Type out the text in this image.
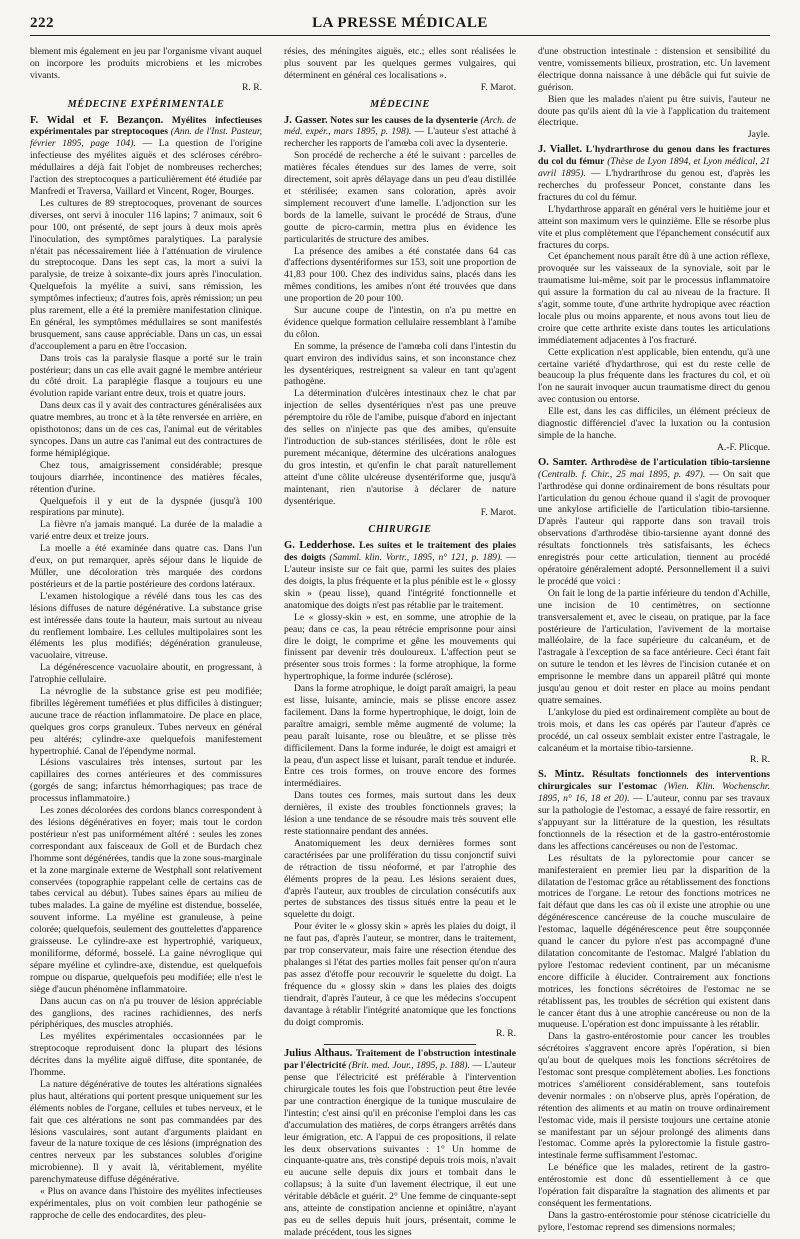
222	LA PRESSE MÉDICALE

blement mis également en jeu par l'organisme vivant auquel on incorpore les produits microbiens et les microbes vivants.

R. R.

MÉDECINE EXPÉRIMENTALE

F. Widal et F. Bezançon. Myélites infectieuses expérimentales par streptocoques (Ann. de l'Inst. Pasteur, février 1895, page 104). — La question de l'origine infectieuse des myélites aiguës et des scléroses cérébro-médullaires a déjà fait l'objet de nombreuses recherches; l'action des streptocoques a particulièrement été étudiée par Manfredi et Traversa, Vaillard et Vincent, Roger, Bourges.

Les cultures de 89 streptocoques, provenant de sources diverses, ont servi à inoculer 116 lapins; 7 animaux, soit 6 pour 100, ont présenté, de sept jours à deux mois après l'inoculation, des symptômes paralytiques. La paralysie n'était pas nécessairement liée à l'atténuation de virulence du streptocoque. Dans les sept cas, la mort a suivi la paralysie, de treize à soixante-dix jours après l'inoculation. Quelquefois la myélite a suivi, sans rémission, les symptômes infectieux; d'autres fois, après rémission; un peu plus rarement, elle a été la première manifestation clinique. En général, les symptômes médullaires se sont manifestés brusquement, sans cause appréciable. Dans un cas, un essai d'accouplement a paru en être l'occasion.

Dans trois cas la paralysie flasque a porté sur le train postérieur; dans un cas elle avait gagné le membre antérieur du côté droit. La paraplégie flasque a toujours eu une évolution rapide variant entre deux, trois et quatre jours.

Dans deux cas il y avait des contractures généralisées aux quatre membres, au tronc et à la tête renversée en arrière, en opisthotonos; dans un de ces cas, l'animal eut de véritables syncopes. Dans un autre cas l'animal eut des contractures de forme hémiplégique.

Chez tous, amaigrissement considérable; presque toujours diarrhée, incontinence des matières fécales, rétention d'urine.

Quelquefois il y eut de la dyspnée (jusqu'à 100 respirations par minute).

La fièvre n'a jamais manqué. La durée de la maladie a varié entre deux et treize jours.

La moelle a été examinée dans quatre cas. Dans l'un d'eux, on put remarquer, après séjour dans le liquide de Müller, une décoloration très marquée des cordons postérieurs et de la partie postérieure des cordons latéraux.

L'examen histologique a révélé dans tous les cas des lésions diffuses de nature dégénérative. La substance grise est intéressée dans toute la hauteur, mais surtout au niveau du renflement lombaire. Les cellules multipolaires sont les éléments les plus modifiés; dégénération granuleuse, vacuolaire, vitreuse.

La dégénérescence vacuolaire aboutit, en progressant, à l'atrophie cellulaire.

La névroglie de la substance grise est peu modifiée; fibrilles légèrement tuméfiées et plus difficiles à distinguer; aucune trace de réaction inflammatoire. De place en place, quelques gros corps granuleux. Tubes nerveux en général peu altérés; cylindre-axe quelquefois manifestement hypertrophié. Canal de l'épendyme normal.

Lésions vasculaires très intenses, surtout par les capillaires des cornes antérieures et des commissures (gorgés de sang; infarctus hémorrhagiques; pas trace de processus inflammatoire.)

Les zones décolorées des cordons blancs correspondent à des lésions dégénératives en foyer; mais tout le cordon postérieur n'est pas uniformément altéré : seules les zones correspondant aux faisceaux de Goll et de Burdach chez l'homme sont dégénérées, tandis que la zone sous-marginale et la zone marginale externe de Westphall sont relativement conservées (topographie rappelant celle de certains cas de tabes cervical au début). Tubes saines épars au milieu de tubes malades. La gaine de myéline est distendue, bosselée, souvent informe. La myéline est granuleuse, à peine colorée; quelquefois, seulement des gouttelettes d'apparence graisseuse. Le cylindre-axe est hypertrophié, variqueux, moniliforme, déformé, bosselé. La gaine névroglique qui sépare myéline et cylindre-axe, distendue, est quelquefois rompue ou disparue, quelquefois peu modifiée; elle n'est le siège d'aucun phénomène inflammatoire.

Dans aucun cas on n'a pu trouver de lésion appréciable des ganglions, des racines rachidiennes, des nerfs périphériques, des muscles atrophiés.

Les myélites expérimentales occasionnées par le streptocoque reproduisent donc la plupart des lésions décrites dans la myélite aiguë diffuse, dite spontanée, de l'homme.

La nature dégénérative de toutes les altérations signalées plus haut, altérations qui portent presque uniquement sur les éléments nobles de l'organe, cellules et tubes nerveux, et le fait que ces altérations ne sont pas commandées par des lésions vasculaires, sont autant d'arguments plaidant en faveur de la nature toxique de ces lésions (imprégnation des centres nerveux par les substances solubles d'origine microbienne). Il y avait là, véritablement, myélite parenchymateuse diffuse dégénérative.

« Plus on avance dans l'histoire des myélites infectieuses expérimentales, plus on voit combien leur pathogénie se rapproche de celle des endocardites, des pleu-

résies, des méningites aiguës, etc.; elles sont réalisées le plus souvent par les quelques germes vulgaires, qui déterminent en général ces localisations ».

F. Marot.

MÉDECINE

J. Gasser. Notes sur les causes de la dysenterie (Arch. de méd. expér., mars 1895, p. 198). — L'auteur s'est attaché à rechercher les rapports de l'amœba coli avec la dysenterie.

Son procédé de recherche a été le suivant : parcelles de matières fécales étendues sur des lames de verre, soit directement, soit après délayage dans un peu d'eau distillée et stérilisée; examen sans coloration, après avoir simplement recouvert d'une lamelle. L'adjonction sur les bords de la lamelle, suivant le procédé de Straus, d'une goutte de picro-carmin, mettra plus en évidence les particularités de structure des amibes.

La présence des amibes a été constatée dans 64 cas d'affections dysentériformes sur 153, soit une proportion de 41,83 pour 100. Chez des individus sains, placés dans les mêmes conditions, les amibes n'ont été trouvées que dans une proportion de 20 pour 100.

Sur aucune coupe de l'intestin, on n'a pu mettre en évidence quelque formation cellulaire ressemblant à l'amibe du côlon.

En somme, la présence de l'amœba coli dans l'intestin du quart environ des individus sains, et son inconstance chez les dysentériques, restreignent sa valeur en tant qu'agent pathogène.

La détermination d'ulcères intestinaux chez le chat par injection de selles dysentériques n'est pas une preuve péremptoire du rôle de l'amibe, puisque d'abord en injectant des selles on n'injecte pas que des amibes, qu'ensuite l'introduction de sub-stances stérilisées, dont le rôle est purement mécanique, détermine des ulcérations analogues du gros intestin, et qu'enfin le chat paraît naturellement atteint d'une côlite ulcéreuse dysentériforme que, jusqu'à maintenant, rien n'autorise à déclarer de nature dysentérique.

F. Marot.

CHIRURGIE

G. Ledderhose. Les suites et le traitement des plaies des doigts (Samml. klin. Vortr., 1895, n° 121, p. 189). — L'auteur insiste sur ce fait que, parmi les suites des plaies des doigts, la plus fréquente et la plus pénible est le « glossy skin » (peau lisse), quand l'intégrité fonctionnelle et anatomique des doigts n'est pas rétablie par le traitement.

Le « glossy-skin » est, en somme, une atrophie de la peau; dans ce cas, la peau rétrécie emprisonne pour ainsi dire le doigt, le comprime et gêne les mouvements qui finissent par devenir très douloureux. L'affection peut se présenter sous trois formes : la forme atrophique, la forme hypertrophique, la forme indurée (sclérose).

Dans la forme atrophique, le doigt paraît amaigri, la peau est lisse, luisante, amincie, mais se plisse encore assez facilement. Dans la forme hypertrophique, le doigt, loin de paraître amaigri, semble même augmenté de volume; la peau paraît luisante, rose ou bleuâtre, et se plisse très difficilement. Dans la forme indurée, le doigt est amaigri et la peau, d'un aspect lisse et luisant, paraît tendue et indurée. Entre ces trois formes, on trouve encore des formes intermédiaires.

Dans toutes ces formes, mais surtout dans les deux dernières, il existe des troubles fonctionnels graves; la lésion a une tendance de se résoudre mais très souvent elle reste stationnaire pendant des années.

Anatomiquement les deux dernières formes sont caractérisées par une prolifération du tissu conjonctif suivi de rétraction de tissu néoformé, et par l'atrophie des éléments propres de la peau. Les lésions seraient dues, d'après l'auteur, aux troubles de circulation consécutifs aux pertes de substances des tissus situés entre la peau et le squelette du doigt.

Pour éviter le « glossy skin » après les plaies du doigt, il ne faut pas, d'après l'auteur, se montrer, dans le traitement, par trop conservateur, mais faire une résection étendue des phalanges si l'état des parties molles fait penser qu'on n'aura pas assez d'étoffe pour recouvrir le squelette du doigt. La fréquence du « glossy skin » dans les plaies des doigts tiendrait, d'après l'auteur, à ce que les médecins s'occupent davantage à rétablir l'intégrité anatomique que les fonctions du doigt compromis.

R. R.

Julius Althaus. Traitement de l'obstruction intestinale par l'électricité (Brit. med. Jour., 1895, p. 188). — L'auteur pense que l'électricité est préférable à l'intervention chirurgicale toutes les fois que l'obstruction peut être levée par une contraction énergique de la tunique musculaire de l'intestin; c'est ainsi qu'il en préconise l'emploi dans les cas d'accumulation des matières, de corps étrangers arrêtés dans leur émigration, etc. A l'appui de ces propositions, il relate les deux observations suivantes : 1° Un homme de cinquante-quatre ans, très constipé depuis trois mois, n'avait eu aucune selle depuis dix jours et tombait dans le collapsus; à la suite d'un lavement électrique, il eut une véritable débâcle et guérit. 2° Une femme de cinquante-sept ans, atteinte de constipation ancienne et opiniâtre, n'ayant pas eu de selles depuis huit jours, présentait, comme le malade précédent, tous les signes

d'une obstruction intestinale : distension et sensibilité du ventre, vomissements bilieux, prostration, etc. Un lavement électrique donna naissance à une débâcle qui fut suivie de guérison.

Bien que les malades n'aient pu être suivis, l'auteur ne doute pas qu'ils aient dû la vie à l'application du traitement électrique.

Jayle.

J. Viallet. L'hydrarthrose du genou dans les fractures du col du fémur (Thèse de Lyon 1894, et Lyon médical, 21 avril 1895). — L'hydrarthrose du genou est, d'après les recherches du professeur Poncet, constante dans les fractures du col du fémur.

L'hydarthrose apparaît en général vers le huitième jour et atteint son maximum vers le quinzième. Elle se résorbe plus vite et plus complètement que l'épanchement consécutif aux fractures du corps.

Cet épanchement nous paraît être dû à une action réflexe, provoquée sur les vaisseaux de la synoviale, soit par le traumatisme lui-même, soit par le processus inflammatoire qui assure la formation du cal au niveau de la fracture. Il s'agit, somme toute, d'une arthrite hydropique avec réaction locale plus ou moins apparente, et nous avons tout lieu de croire que cette arthrite existe dans toutes les articulations immédiatement adjacentes à l'os fracturé.

Cette explication n'est applicable, bien entendu, qu'à une certaine variété d'hydarthrose, qui est du reste celle de beaucoup la plus fréquente dans les fractures du col, et où l'on ne saurait invoquer aucun traumatisme direct du genou avec contusion ou entorse.

Elle est, dans les cas difficiles, un élément précieux de diagnostic différenciel d'avec la luxation ou la contusion simple de la hanche.

A.-F. Plicque.

O. Samter. Arthrodèse de l'articulation tibio-tarsienne (Centralb. f. Chir., 25 mai 1895, p. 497). — On sait que l'arthrodèse qui donne ordinairement de bons résultats pour l'articulation du genou échoue quand il s'agit de provoquer une ankylose artificielle de l'articulation tibio-tarsienne. D'après l'auteur qui rapporte dans son travail trois observations d'arthrodèse tibio-tarsienne ayant donné des résultats fonctionnels très satisfaisants, les échecs enregistrés pour cette articulation, tiennent au procédé opératoire généralement adopté. Personnellement il a suivi le procédé que voici :

On fait le long de la partie inférieure du tendon d'Achille, une incision de 10 centimètres, on sectionne transversalement et, avec le ciseau, on pratique, par la face postérieure de l'articulation, l'avivement de la mortaise malléolaire, de la face supérieure du calcanéum, et de l'astragale à l'exception de sa face antérieure. Ceci étant fait on suture le tendon et les lèvres de l'incision cutanée et on emprisonne le membre dans un appareil plâtré qui monte jusqu'au genou et doit rester en place au moins pendant quatre semaines.

L'ankylose du pied est ordinairement complète au bout de trois mois, et dans les cas opérés par l'auteur d'après ce procédé, un cal osseux semblait exister entre l'astragale, le calcanéum et la mortaise tibio-tarsienne.

R. R.

S. Mintz. Résultats fonctionnels des interventions chirurgicales sur l'estomac (Wien. Klin. Wochenschr. 1895, n° 16, 18 et 20). — L'auteur, connu par ses travaux sur la pathologie de l'estomac, a essayé de faire ressortir, en s'appuyant sur la littérature de la question, les résultats fonctionnels de la résection et de la gastro-entérostomie dans les affections cancéreuses ou non de l'estomac.

Les résultats de la pylorectomie pour cancer se manifesteraient en premier lieu par la disparition de la dilatation de l'estomac grâce au rétablissement des fonctions motrices de l'organe. Le retour des fonctions motrices ne fait défaut que dans les cas où il existe une atrophie ou une dégénérescence cancéreuse de la couche musculaire de l'estomac, laquelle dégénérescence peut être soupçonnée quand le cancer du pylore n'est pas accompagné d'une dilatation concomitante de l'estomac. Malgré l'ablation du pylore l'estomac redevient continent, par un mécanisme encore difficile à élucider. Contrairement aux fonctions motrices, les fonctions sécrétoires de l'estomac ne se rétablissent pas, les troubles de sécrétion qui existent dans le cancer étant dus à une atrophie cancéreuse ou non de la muqueuse. L'opération est donc impuissante à les rétablir.

Dans la gastro-entérostomie pour cancer les troubles sécrétoires s'aggravent encore après l'opération, si bien qu'au bout de quelques mois les fonctions sécrétoires de l'estomac sont presque complètement abolies. Les fonctions motrices s'améliorent considérablement, sans toutefois devenir normales : on n'observe plus, après l'opération, de rétention des aliments et au matin on trouve ordinairement l'estomac vide, mais il persiste toujours une certaine atonie se manifestant par un séjour prolongé des aliments dans l'estomac. Comme après la pylorectomie la fistule gastro-intestinale ferme suffisamment l'estomac.

Le bénéfice que les malades, retirent de la gastro-entérostomie est donc dû essentiellement à ce que l'opération fait disparaître la stagnation des aliments et par conséquent les fermentations.

Dans la gastro-entérostomie pour sténose cicatricielle du pylore, l'estomac reprend ses dimensions normales;
